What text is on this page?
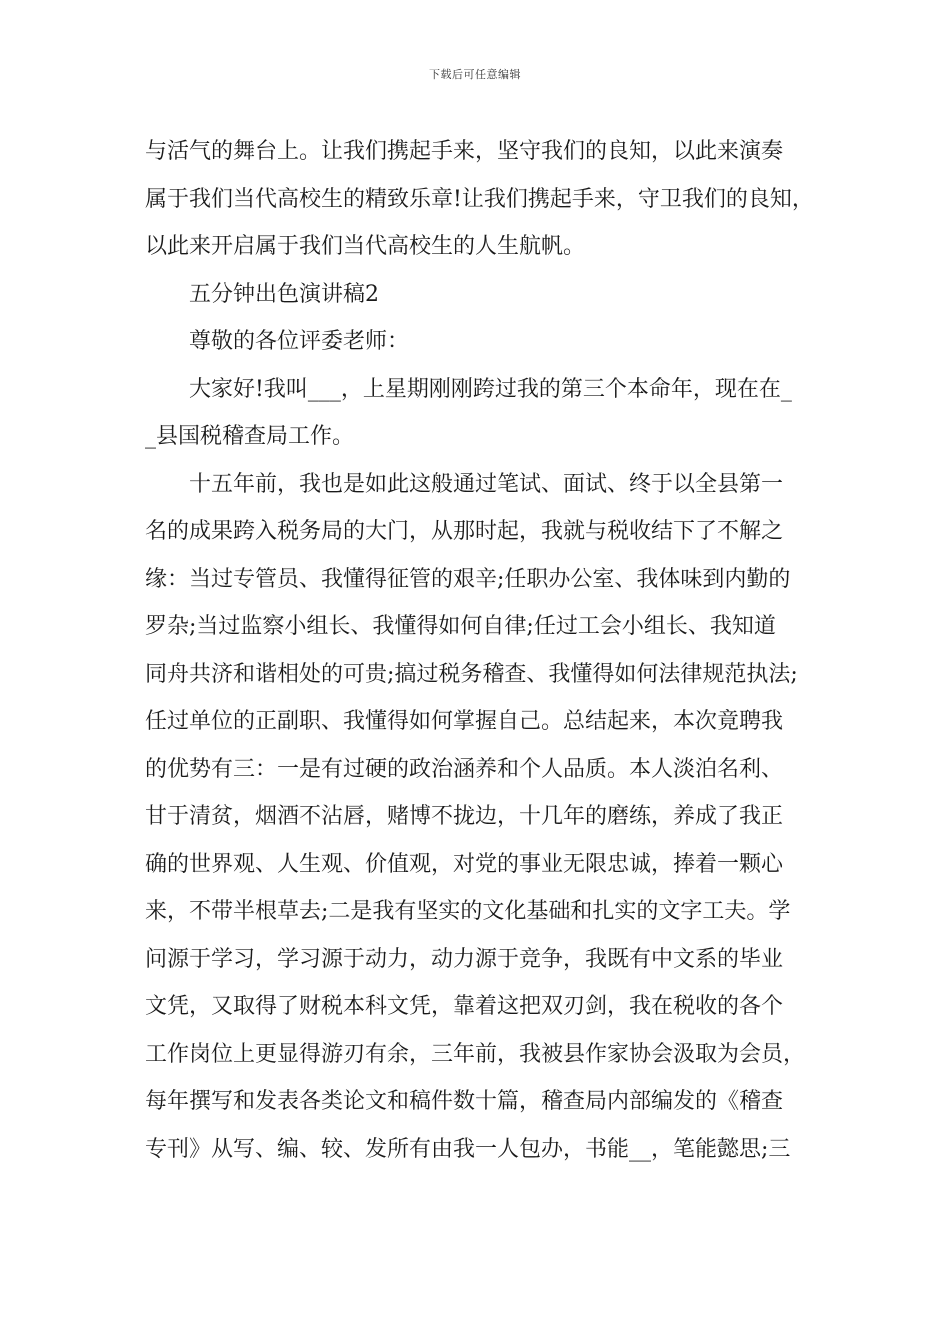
下载后可任意编辑
与活气的舞台上。让我们携起手来，坚守我们的良知，以此来演奏
属于我们当代高校生的精致乐章!让我们携起手来，守卫我们的良知，
以此来开启属于我们当代高校生的人生航帆。
五分钟出色演讲稿2
尊敬的各位评委老师：
大家好!我叫___，上星期刚刚跨过我的第三个本命年，现在在_
_县国税稽查局工作。
十五年前，我也是如此这般通过笔试、面试、终于以全县第一
名的成果跨入税务局的大门，从那时起，我就与税收结下了不解之
缘：当过专管员、我懂得征管的艰辛;任职办公室、我体味到内勤的
罗杂;当过监察小组长、我懂得如何自律;任过工会小组长、我知道
同舟共济和谐相处的可贵;搞过税务稽查、我懂得如何法律规范执法;
任过单位的正副职、我懂得如何掌握自己。总结起来，本次竟聘我
的优势有三：一是有过硬的政治涵养和个人品质。本人淡泊名利、
甘于清贫，烟酒不沾唇，赌博不拢边，十几年的磨练，养成了我正
确的世界观、人生观、价值观，对党的事业无限忠诚，捧着一颗心
来，不带半根草去;二是我有坚实的文化基础和扎实的文字工夫。学
问源于学习，学习源于动力，动力源于竞争，我既有中文系的毕业
文凭，又取得了财税本科文凭，靠着这把双刃剑，我在税收的各个
工作岗位上更显得游刃有余，三年前，我被县作家协会汲取为会员，
每年撰写和发表各类论文和稿件数十篇，稽查局内部编发的《稽查
专刊》从写、编、较、发所有由我一人包办，书能__，笔能懿思;三
